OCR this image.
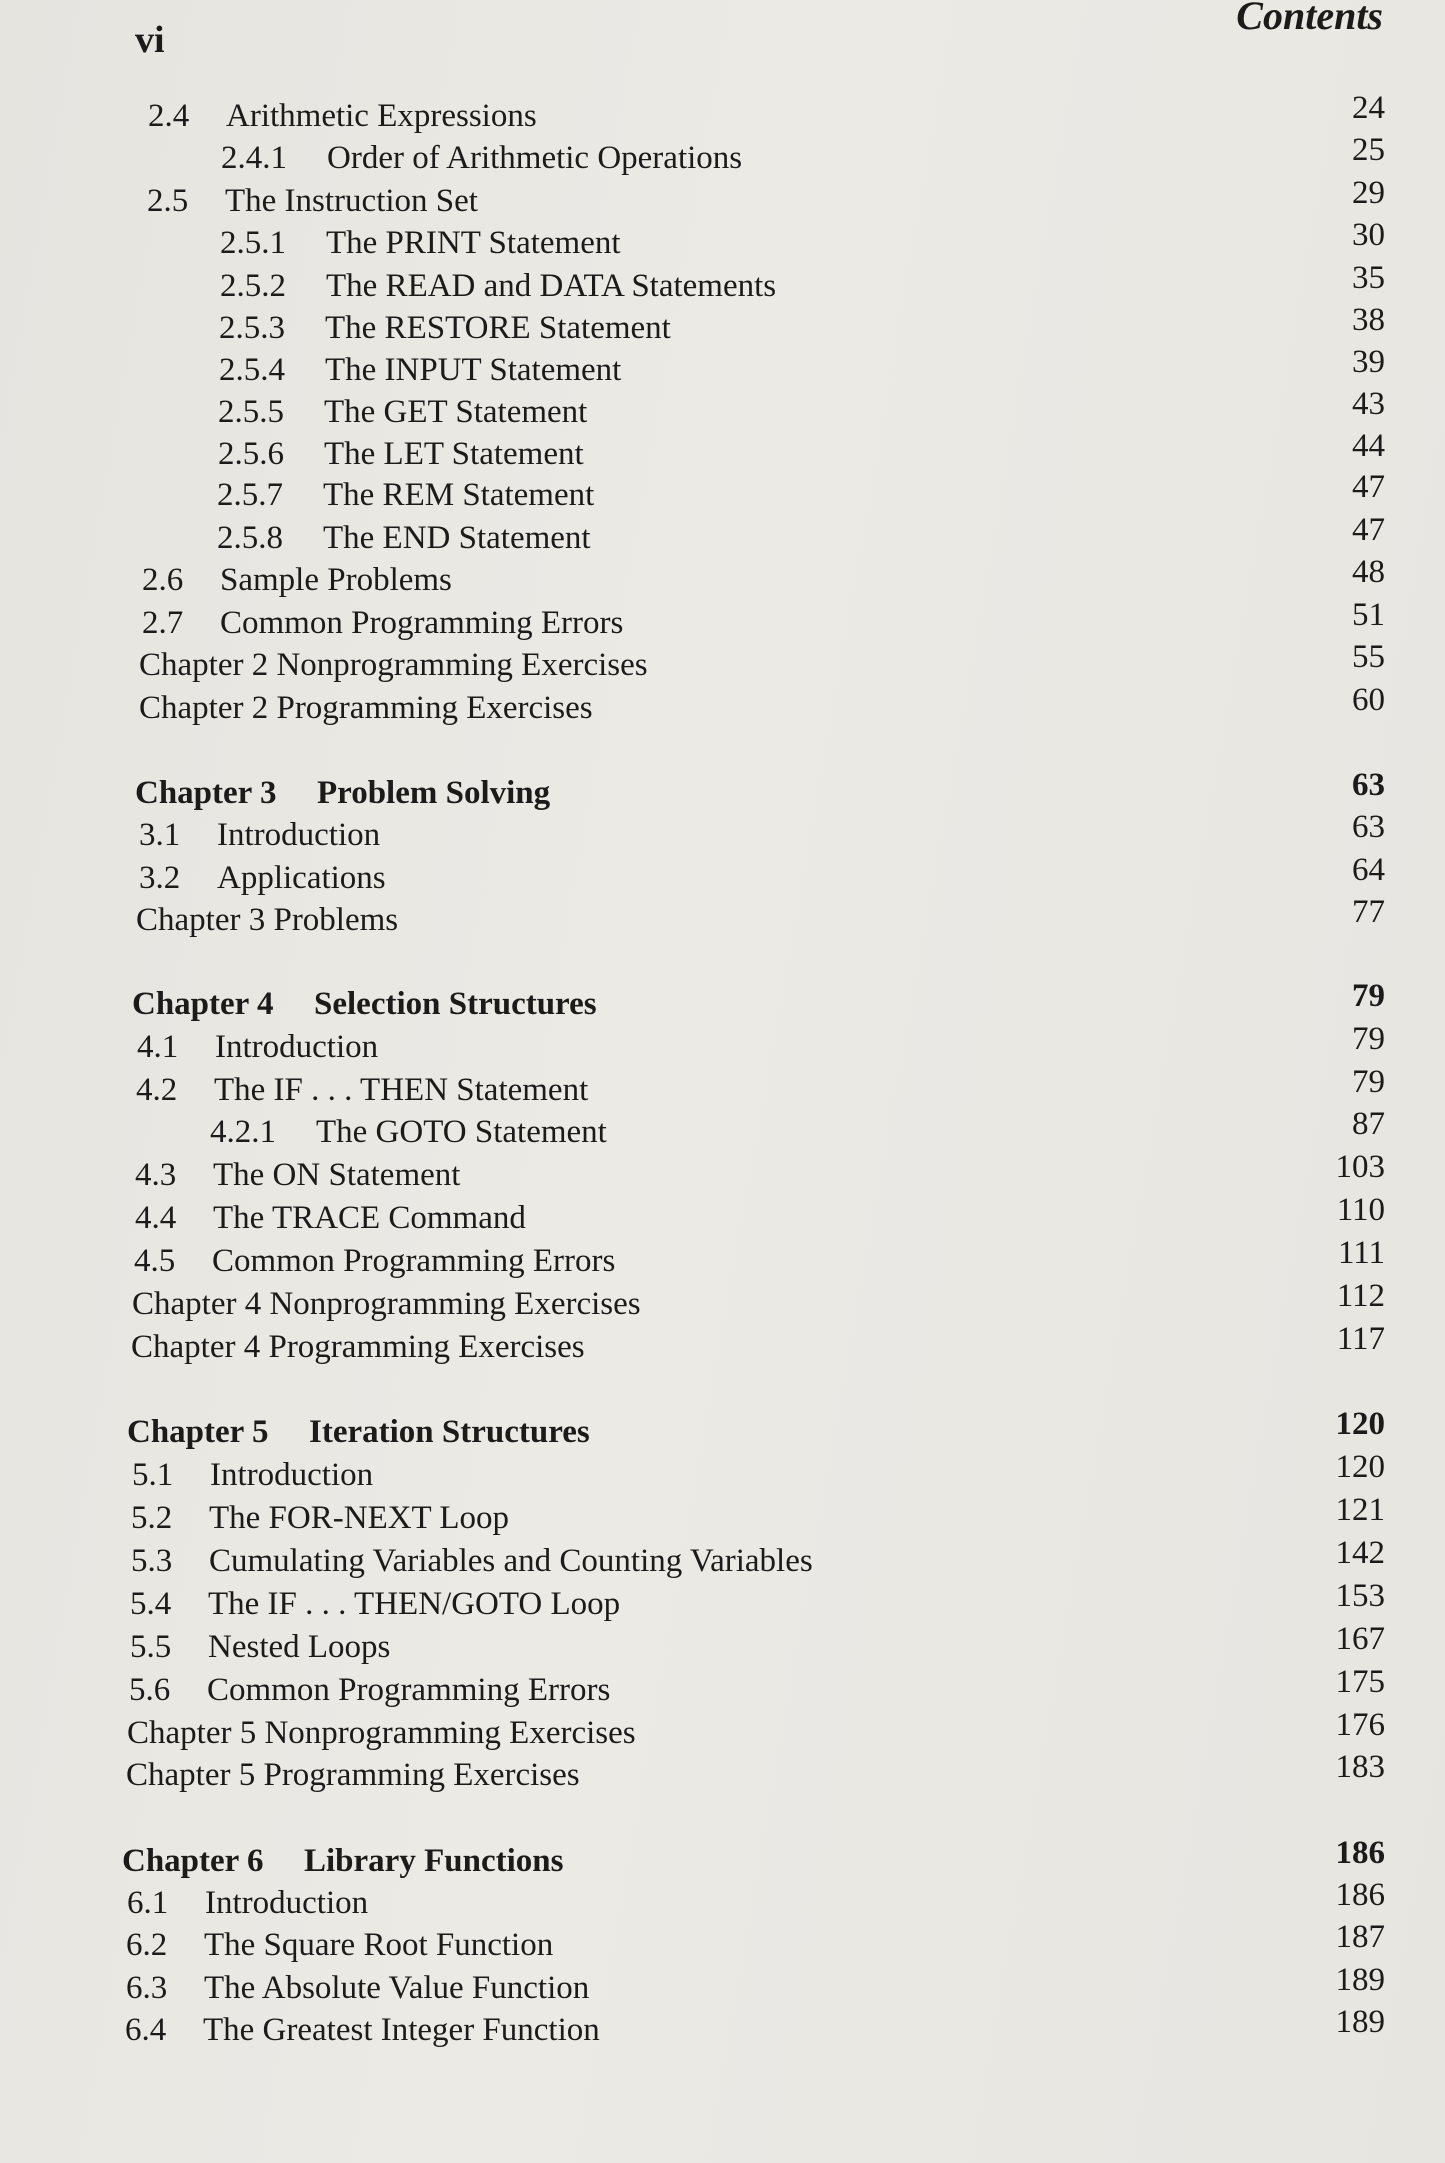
vi
Contents
2.4 Arithmetic Expressions	24
2.4.1 Order of Arithmetic Operations	25
2.5 The Instruction Set	29
2.5.1 The PRINT Statement	30
2.5.2 The READ and DATA Statements	35
2.5.3 The RESTORE Statement	38
2.5.4 The INPUT Statement	39
2.5.5 The GET Statement	43
2.5.6 The LET Statement	44
2.5.7 The REM Statement	47
2.5.8 The END Statement	47
2.6 Sample Problems	48
2.7 Common Programming Errors	51
Chapter 2 Nonprogramming Exercises	55
Chapter 2 Programming Exercises	60
Chapter 3 Problem Solving	63
3.1 Introduction	63
3.2 Applications	64
Chapter 3 Problems	77
Chapter 4 Selection Structures	79
4.1 Introduction	79
4.2 The IF . . . THEN Statement	79
4.2.1 The GOTO Statement	87
4.3 The ON Statement	103
4.4 The TRACE Command	110
4.5 Common Programming Errors	111
Chapter 4 Nonprogramming Exercises	112
Chapter 4 Programming Exercises	117
Chapter 5 Iteration Structures	120
5.1 Introduction	120
5.2 The FOR-NEXT Loop	121
5.3 Cumulating Variables and Counting Variables	142
5.4 The IF . . . THEN/GOTO Loop	153
5.5 Nested Loops	167
5.6 Common Programming Errors	175
Chapter 5 Nonprogramming Exercises	176
Chapter 5 Programming Exercises	183
Chapter 6 Library Functions	186
6.1 Introduction	186
6.2 The Square Root Function	187
6.3 The Absolute Value Function	189
6.4 The Greatest Integer Function	189
